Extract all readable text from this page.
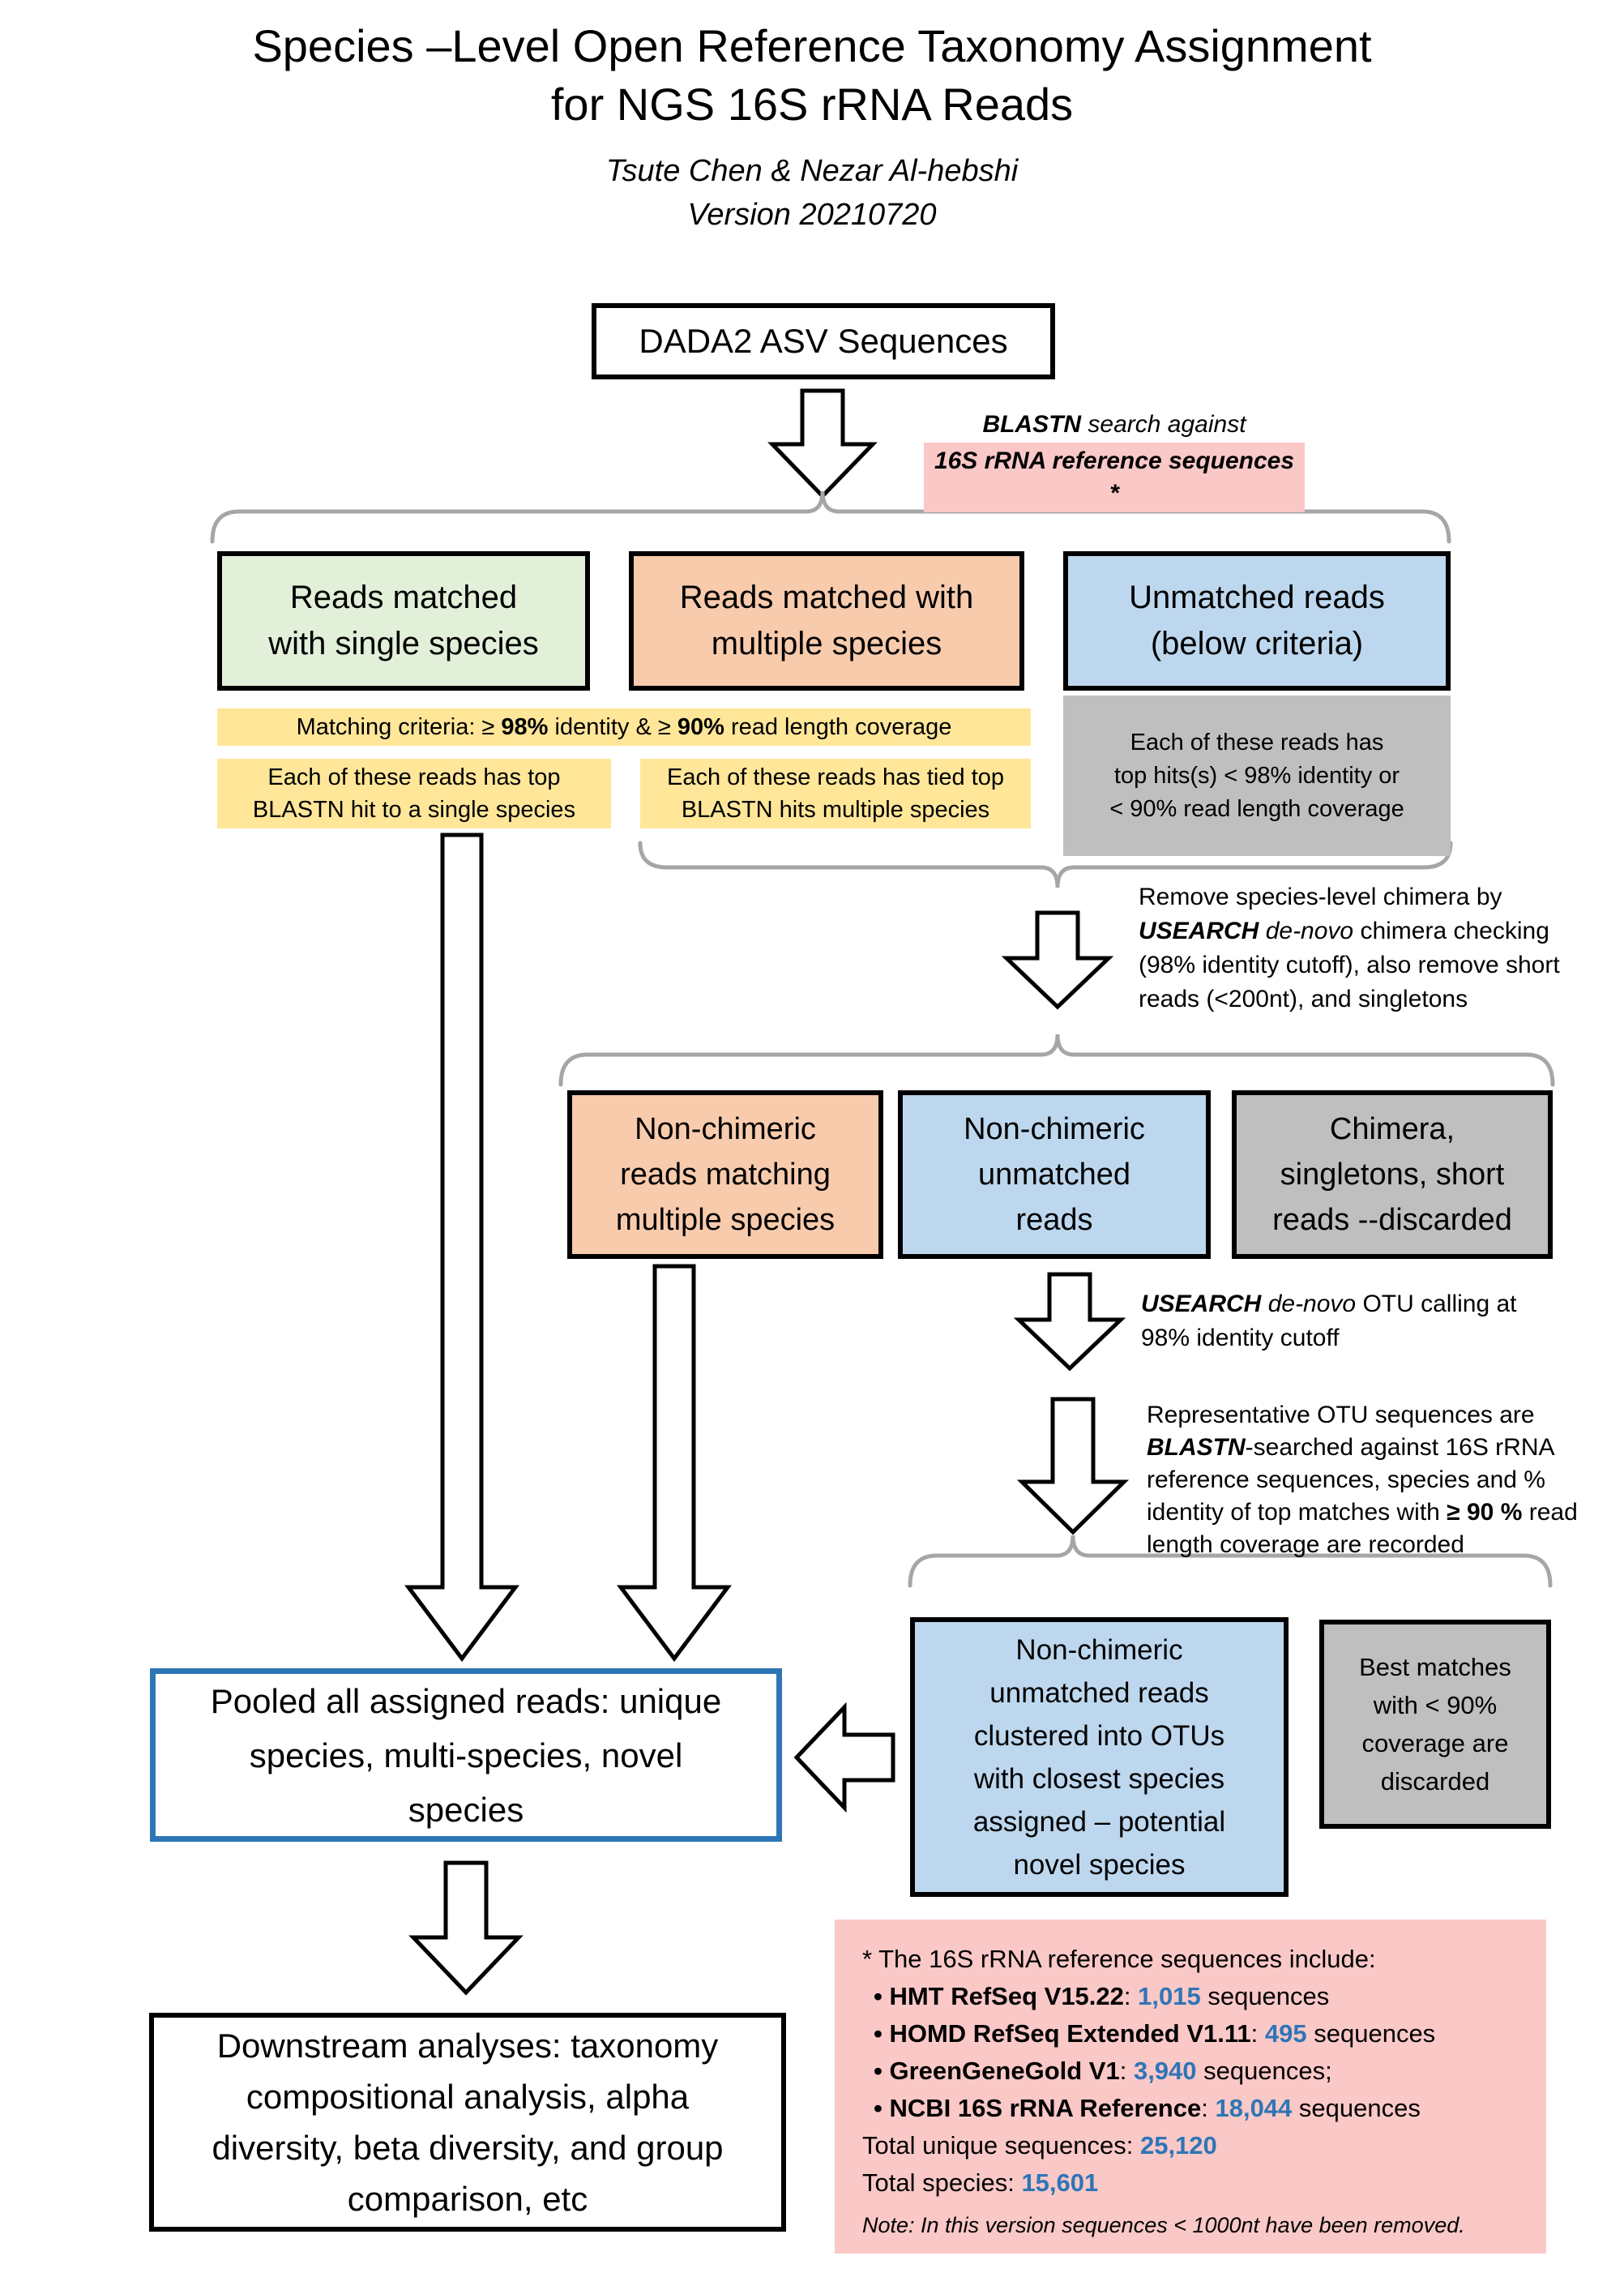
Species –Level Open Reference Taxonomy Assignment
for NGS 16S rRNA Reads
Tsute Chen & Nezar Al-hebshi
Version 20210720
DADA2 ASV Sequences
BLASTN search against
16S rRNA reference sequences *
Reads matched
with single species
Reads matched with
multiple species
Unmatched reads
(below criteria)
Matching criteria: ≥ 98% identity & ≥ 90% read length coverage
Each of these reads has top
BLASTN hit to a single species
Each of these reads has tied top
BLASTN hits multiple species
Each of these reads has
top hits(s) < 98% identity or
< 90% read length coverage
Remove species-level chimera by USEARCH de-novo chimera checking (98% identity cutoff), also remove short reads (<200nt), and singletons
Non-chimeric
reads matching
multiple species
Non-chimeric
unmatched
reads
Chimera,
singletons, short
reads --discarded
USEARCH de-novo OTU calling at 98% identity cutoff
Representative OTU sequences are BLASTN-searched against 16S rRNA reference sequences, species and % identity of top matches with ≥ 90 % read length coverage are recorded
Non-chimeric
unmatched reads
clustered into OTUs
with closest species
assigned – potential
novel species
Best matches
with < 90%
coverage are
discarded
Pooled all assigned reads: unique
species, multi-species, novel
species
Downstream analyses: taxonomy
compositional analysis, alpha
diversity, beta diversity, and group
comparison, etc
* The 16S rRNA reference sequences include:
• HMT RefSeq V15.22: 1,015 sequences
• HOMD RefSeq Extended V1.11: 495 sequences
• GreenGeneGold V1: 3,940 sequences;
• NCBI 16S rRNA Reference: 18,044 sequences
Total unique sequences: 25,120
Total species: 15,601
Note: In this version sequences < 1000nt have been removed.
